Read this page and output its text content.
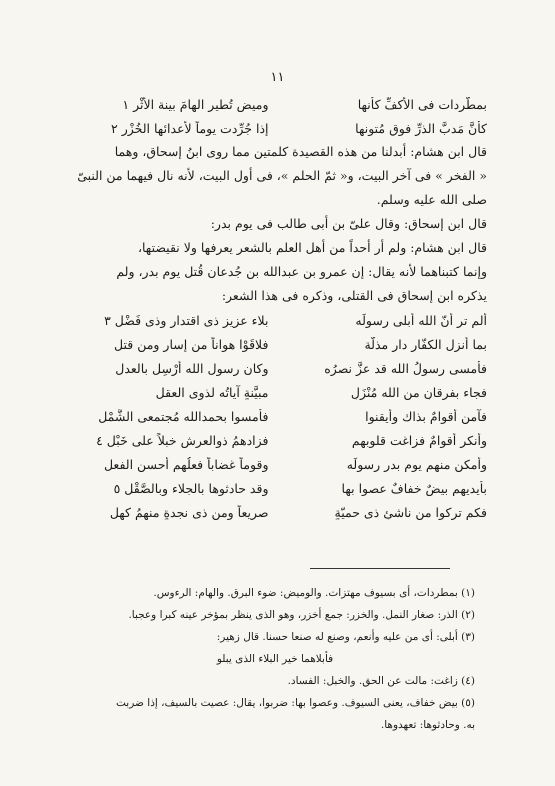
١١
بمطَّردات فى الأكفِّ كأنها
وميض تُطير الهامَ بينة الأثْر ١
كأنَّ مَدبَّ الذرِّ فوق مُتونها
إذا جُرِّدت يوماً لأعدائها الخُزْر ٢
قال ابن هشام: أبدلنا من هذه القصيدة كلمتين مما روى ابنُ إسحاق، وهما
« الفخر » فى آخر البيت، و« ثمّ الحلم »، فى أول البيت، لأنه نال فيهما من النبىّ
صلى الله عليه وسلم.
قال ابن إسحاق: وقال علىّ بن أبى طالب فى يوم بدر:
قال ابن هشام: ولم أر أحداً من أهل العلم بالشعر يعرفها ولا نقيضتها،
وإنما كتبناهما لأنه يقال: إن عمرو بن عبدالله بن جُدعان قُتل يوم بدر، ولم
يذكره ابن إسحاق فى القتلى، وذكره فى هذا الشعر:
ألم تر أنّ الله أبلى رسولَه
بلاء عزيزٍ ذى اقتدار وذى فَضْل ٣
بما أنزل الكفّار دار مذلَّة
فلاقَوْا هواناً من إسارٍ ومن قتل
فأمسى رسولُ الله قد عزَّ نصرُه
وكان رسول الله أُرْسِل بالعدل
فجاء بفرقانٍ من الله مُنْزَلٍ
مبيَّنةٍ آياتُه لذوى العقل
فآمن أقوامٌ بذاك وأيقنوا
فأمسوا بحمدالله مُجتمعى الشَّمْل
وأنكر أقوامٌ فزاغت قلوبهم
فزادهمُ ذوالعرش خبلاً على خَبْل ٤
وأمكن منهم يوم بدرٍ رسولَه
وقوماً غضاباً فعلُهم أحسن الفعل
بأيديهم بيضٌ خفافٌ عصوا بها
وقد حادثوها بالجلاء وبالصَّقْل ٥
فكم تركوا من ناشئٍ ذى حميّةٍ
صريعاً ومن ذى نجدةٍ منهمُ كهل
(١) بمطردات، أى بسيوف مهتزات. والوميض: ضوء البرق. والهام: الرءوس.
(٢) الذر: صغار النمل. والخزر: جمع أخزر، وهو الذى ينظر بمؤخر عينه كبرا وعجبا.
(٣) أبلى: أى من عليه وأنعم، وصنع له صنعا حسنا. قال زهير:
فأبلاهما خير البلاء الذى يبلو
(٤) زاغت: مالت عن الحق. والخبل: الفساد.
(٥) بيض خفاف، يعنى السيوف. وعصوا بها: ضربوا، يقال: عصيت بالسيف، إذا ضربت
به. وحادثوها: تعهدوها.
